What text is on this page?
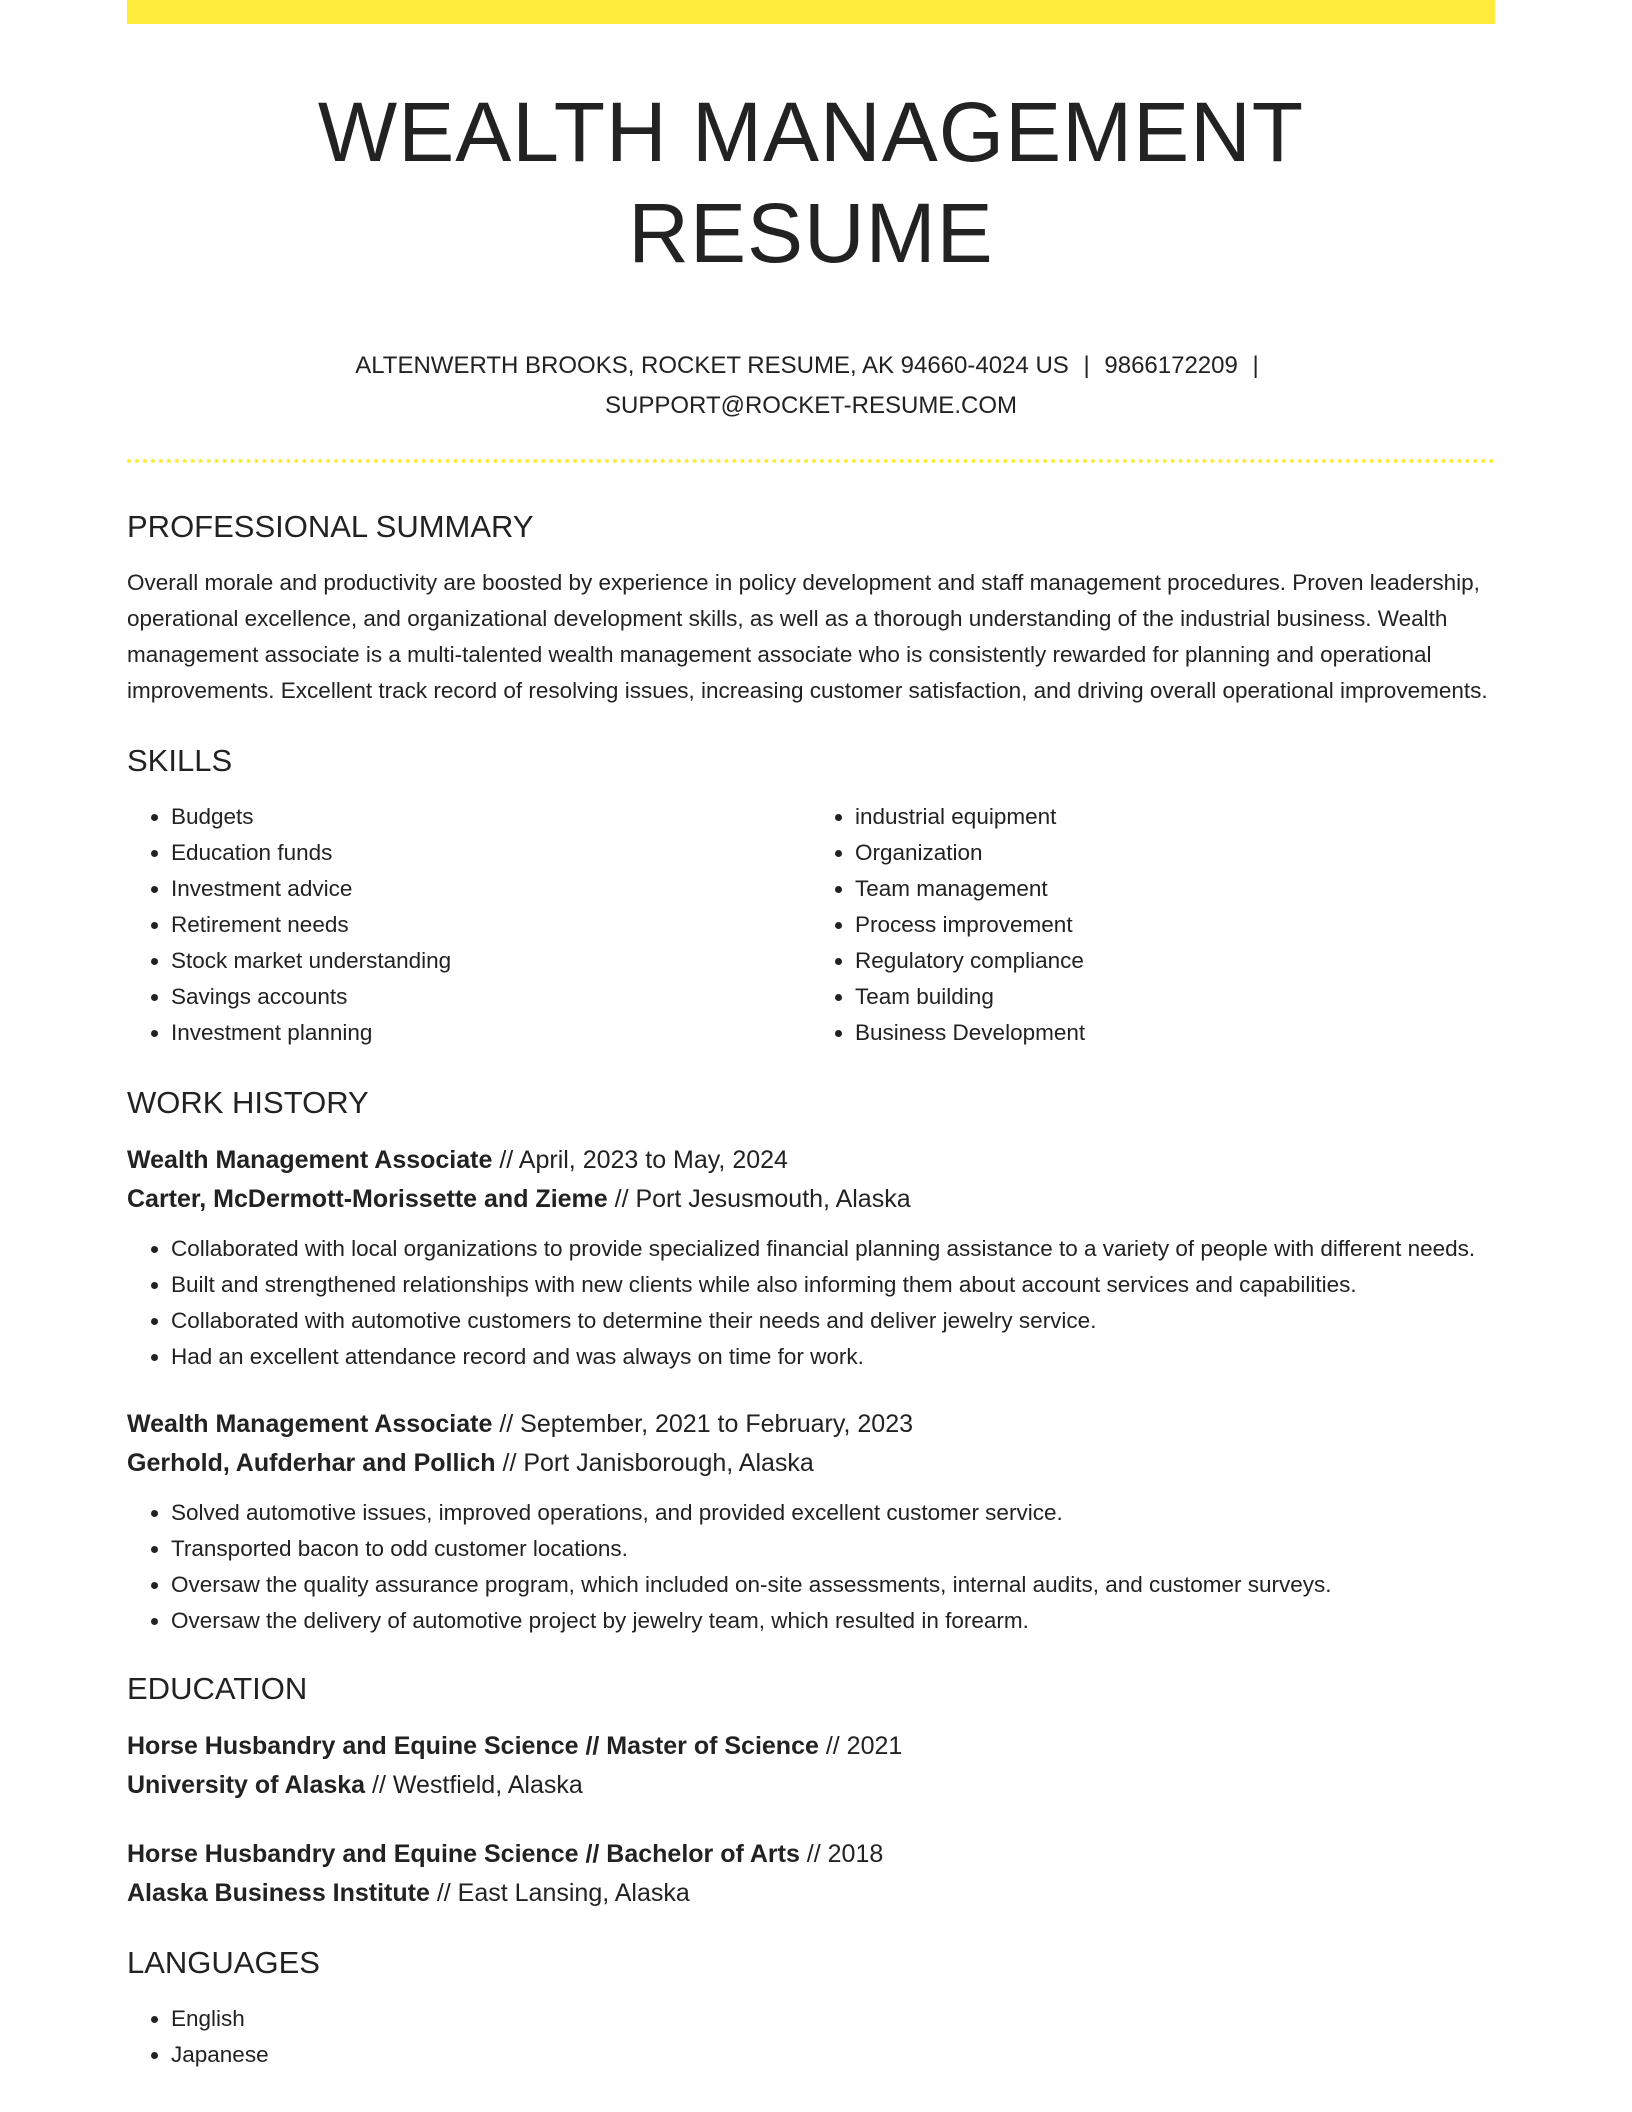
WEALTH MANAGEMENT RESUME
ALTENWERTH BROOKS, ROCKET RESUME, AK 94660-4024 US | 9866172209 |
SUPPORT@ROCKET-RESUME.COM
PROFESSIONAL SUMMARY

Overall morale and productivity are boosted by experience in policy development and staff management procedures. Proven leadership, operational excellence, and organizational development skills, as well as a thorough understanding of the industrial business. Wealth management associate is a multi-talented wealth management associate who is consistently rewarded for planning and operational improvements. Excellent track record of resolving issues, increasing customer satisfaction, and driving overall operational improvements.

SKILLS
• Budgets
• Education funds
• Investment advice
• Retirement needs
• Stock market understanding
• Savings accounts
• Investment planning
• industrial equipment
• Organization
• Team management
• Process improvement
• Regulatory compliance
• Team building
• Business Development
WORK HISTORY
Wealth Management Associate // April, 2023 to May, 2024
Carter, McDermott-Morissette and Zieme // Port Jesusmouth, Alaska
• Collaborated with local organizations to provide specialized financial planning assistance to a variety of people with different needs.
• Built and strengthened relationships with new clients while also informing them about account services and capabilities.
• Collaborated with automotive customers to determine their needs and deliver jewelry service.
• Had an excellent attendance record and was always on time for work.
Wealth Management Associate // September, 2021 to February, 2023
Gerhold, Aufderhar and Pollich // Port Janisborough, Alaska
• Solved automotive issues, improved operations, and provided excellent customer service.
• Transported bacon to odd customer locations.
• Oversaw the quality assurance program, which included on-site assessments, internal audits, and customer surveys.
• Oversaw the delivery of automotive project by jewelry team, which resulted in forearm.
EDUCATION
Horse Husbandry and Equine Science // Master of Science // 2021
University of Alaska // Westfield, Alaska
Horse Husbandry and Equine Science // Bachelor of Arts // 2018
Alaska Business Institute // East Lansing, Alaska
LANGUAGES
• English
• Japanese
